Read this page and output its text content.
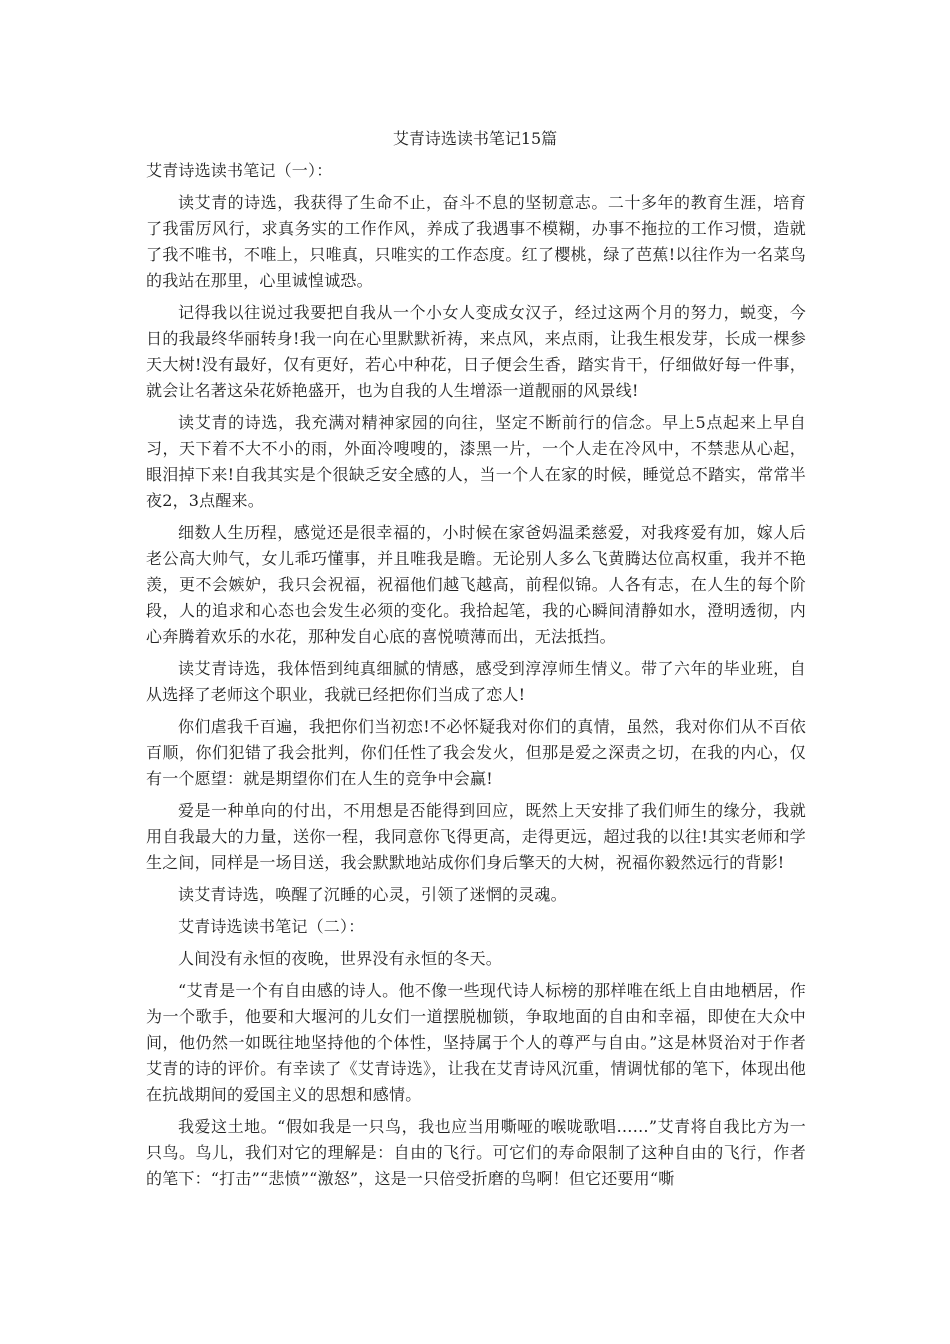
艾青诗选读书笔记15篇
艾青诗选读书笔记（一）：

读艾青的诗选，我获得了生命不止，奋斗不息的坚韧意志。二十多年的教育生涯，培育了我雷厉风行，求真务实的工作作风，养成了我遇事不模糊，办事不拖拉的工作习惯，造就了我不唯书，不唯上，只唯真，只唯实的工作态度。红了樱桃，绿了芭蕉!以往作为一名菜鸟的我站在那里，心里诚惶诚恐。

记得我以往说过我要把自我从一个小女人变成女汉子，经过这两个月的努力，蜕变，今日的我最终华丽转身!我一向在心里默默祈祷，来点风，来点雨，让我生根发芽，长成一棵参天大树!没有最好，仅有更好，若心中种花，日子便会生香，踏实肯干，仔细做好每一件事，就会让名著这朵花娇艳盛开，也为自我的人生增添一道靓丽的风景线!

读艾青的诗选，我充满对精神家园的向往，坚定不断前行的信念。早上5点起来上早自习，天下着不大不小的雨，外面冷嗖嗖的，漆黑一片，一个人走在冷风中，不禁悲从心起，眼泪掉下来!自我其实是个很缺乏安全感的人，当一个人在家的时候，睡觉总不踏实，常常半夜2，3点醒来。

细数人生历程，感觉还是很幸福的，小时候在家爸妈温柔慈爱，对我疼爱有加，嫁人后老公高大帅气，女儿乖巧懂事，并且唯我是瞻。无论别人多么飞黄腾达位高权重，我并不艳羡，更不会嫉妒，我只会祝福，祝福他们越飞越高，前程似锦。人各有志，在人生的每个阶段，人的追求和心态也会发生必须的变化。我拾起笔，我的心瞬间清静如水，澄明透彻，内心奔腾着欢乐的水花，那种发自心底的喜悦喷薄而出，无法抵挡。

读艾青诗选，我体悟到纯真细腻的情感，感受到淳淳师生情义。带了六年的毕业班，自从选择了老师这个职业，我就已经把你们当成了恋人!

你们虐我千百遍，我把你们当初恋!不必怀疑我对你们的真情，虽然，我对你们从不百依百顺，你们犯错了我会批判，你们任性了我会发火，但那是爱之深责之切，在我的内心，仅有一个愿望：就是期望你们在人生的竞争中会赢!

爱是一种单向的付出，不用想是否能得到回应，既然上天安排了我们师生的缘分，我就用自我最大的力量，送你一程，我同意你飞得更高，走得更远，超过我的以往!其实老师和学生之间，同样是一场目送，我会默默地站成你们身后擎天的大树，祝福你毅然远行的背影!

读艾青诗选，唤醒了沉睡的心灵，引领了迷惘的灵魂。

艾青诗选读书笔记（二）：

人间没有永恒的夜晚，世界没有永恒的冬天。

“艾青是一个有自由感的诗人。他不像一些现代诗人标榜的那样唯在纸上自由地栖居，作为一个歌手，他要和大堰河的儿女们一道摆脱枷锁，争取地面的自由和幸福，即使在大众中间，他仍然一如既往地坚持他的个体性，坚持属于个人的尊严与自由。”这是林贤治对于作者艾青的诗的评价。有幸读了《艾青诗选》，让我在艾青诗风沉重，情调忧郁的笔下，体现出他在抗战期间的爱国主义的思想和感情。

我爱这土地。“假如我是一只鸟，我也应当用嘶哑的喉咙歌唱……”艾青将自我比方为一只鸟。鸟儿，我们对它的理解是：自由的飞行。可它们的寿命限制了这种自由的飞行，作者的笔下：“打击”“悲愤”“激怒”，这是一只倍受折磨的鸟啊！但它还要用“嘶
